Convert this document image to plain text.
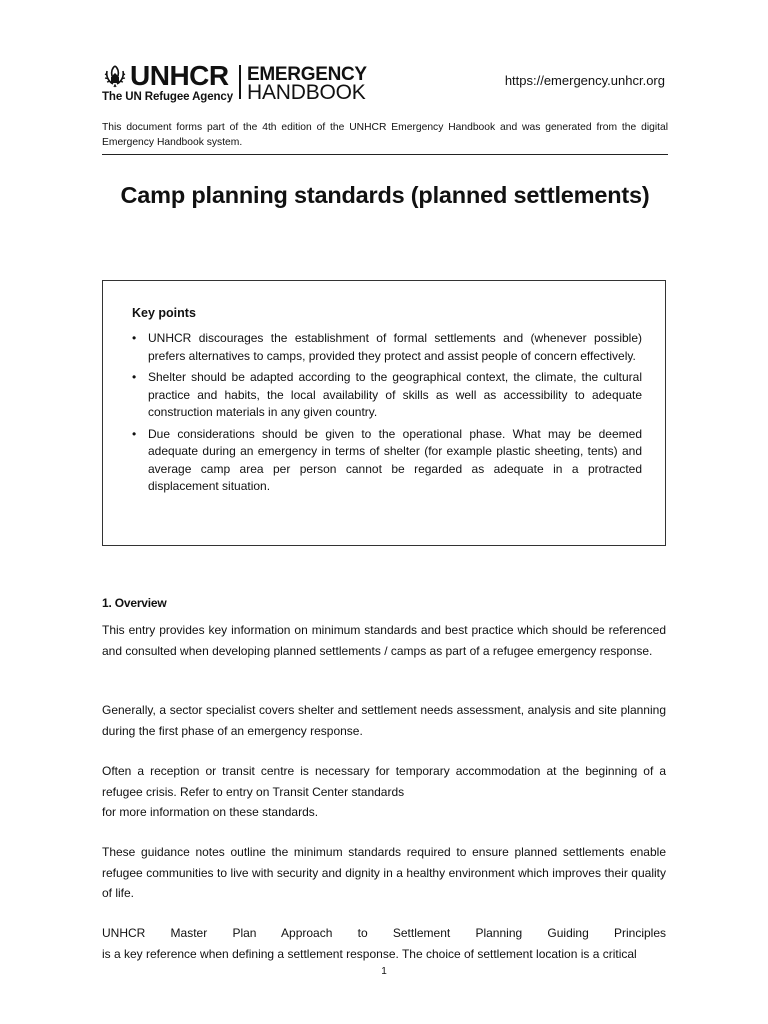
UNHCR
The UN Refugee Agency
EMERGENCY
HANDBOOK
https://emergency.unhcr.org
This document forms part of the 4th edition of the UNHCR Emergency Handbook and was generated from the digital Emergency Handbook system.
Camp planning standards (planned settlements)
Key points
• UNHCR discourages the establishment of formal settlements and (whenever possible) prefers alternatives to camps, provided they protect and assist people of concern effectively.
• Shelter should be adapted according to the geographical context, the climate, the cultural practice and habits, the local availability of skills as well as accessibility to adequate construction materials in any given country.
• Due considerations should be given to the operational phase. What may be deemed adequate during an emergency in terms of shelter (for example plastic sheeting, tents) and average camp area per person cannot be regarded as adequate in a protracted displacement situation.
1. Overview

This entry provides key information on minimum standards and best practice which should be referenced and consulted when developing planned settlements / camps as part of a refugee emergency response.

Generally, a sector specialist covers shelter and settlement needs assessment, analysis and site planning during the first phase of an emergency response.

Often a reception or transit centre is necessary for temporary accommodation at the beginning of a refugee crisis. Refer to entry on Transit Center standards
for more information on these standards.

These guidance notes outline the minimum standards required to ensure planned settlements enable refugee communities to live with security and dignity in a healthy environment which improves their quality of life.

UNHCR Master Plan Approach to Settlement Planning Guiding Principles
is a key reference when defining a settlement response. The choice of settlement location is a critical

1
